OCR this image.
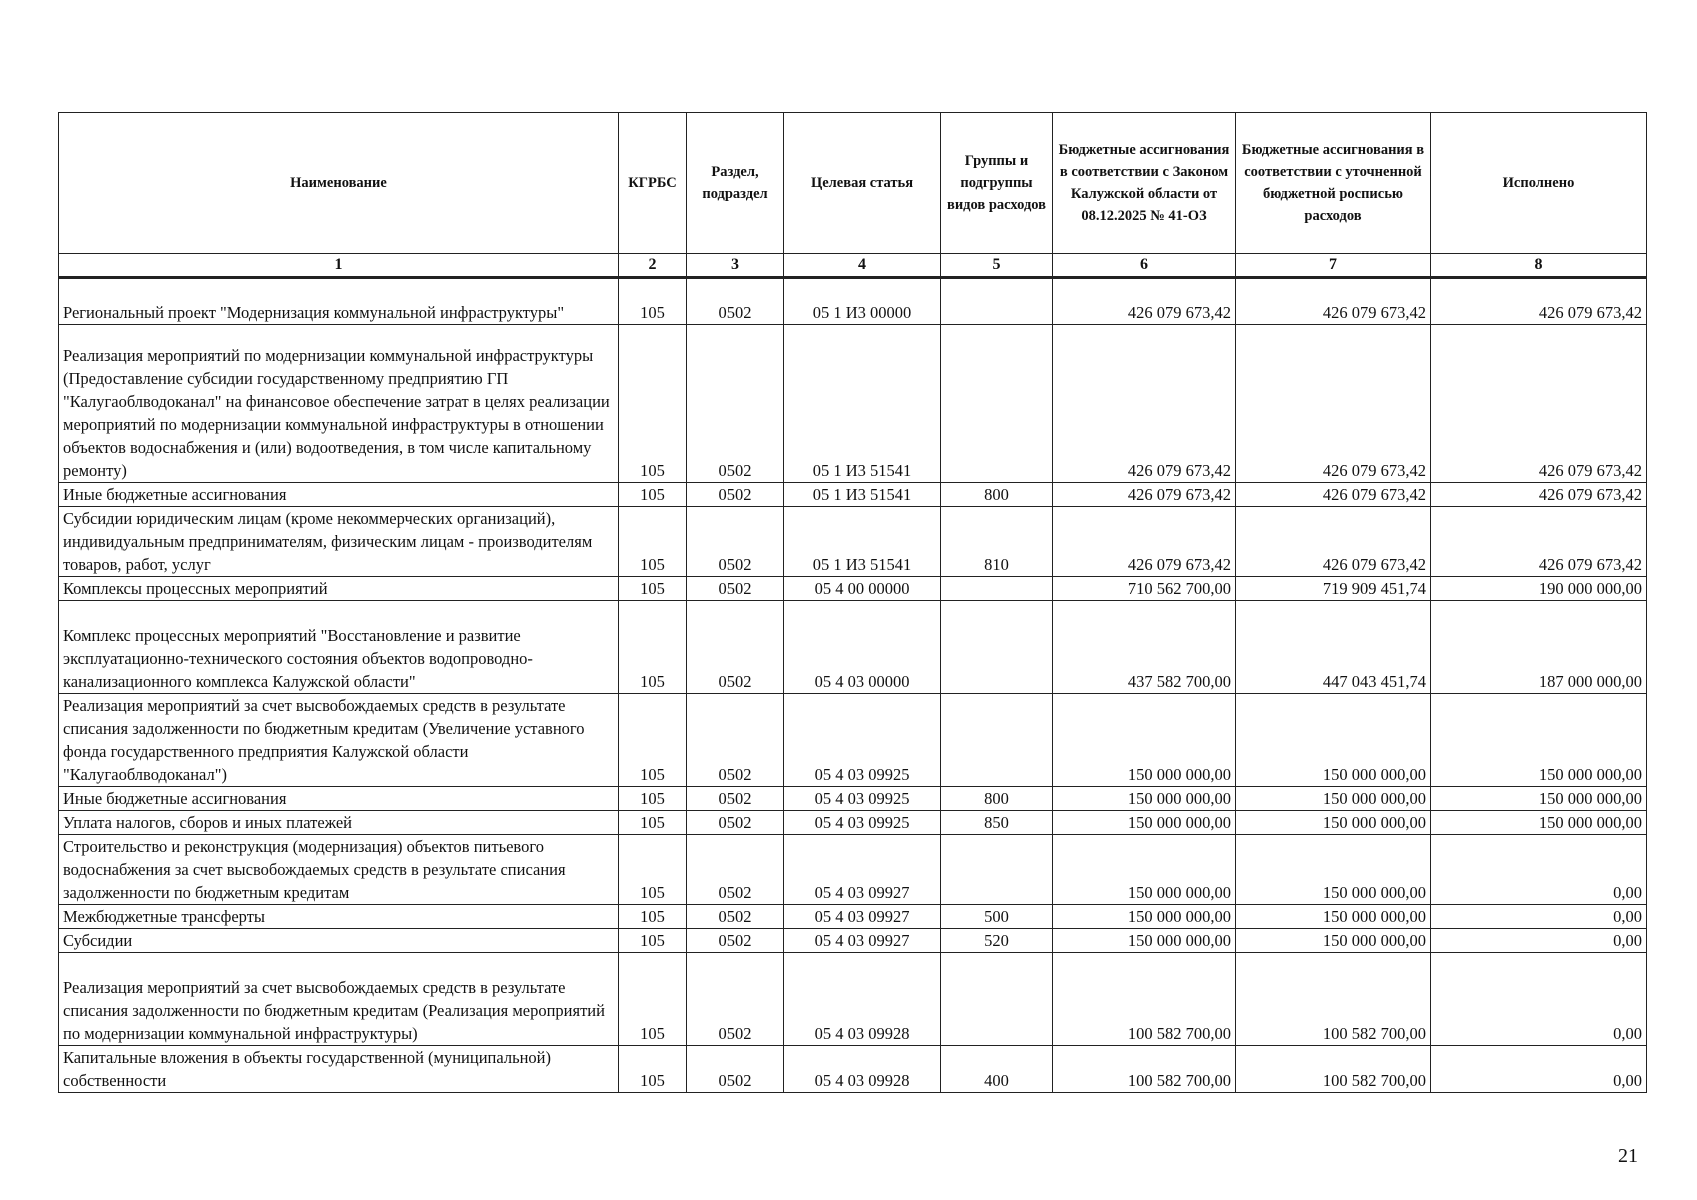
Наименование	КГРБС	Раздел, подраздел	Целевая статья	Группы и подгруппы видов расходов	Бюджетные ассигнования в соответствии с Законом Калужской области от 08.12.2025 № 41-ОЗ	Бюджетные ассигнования в соответствии с уточненной бюджетной росписью расходов	Исполнено
1	2	3	4	5	6	7	8
Региональный проект "Модернизация коммунальной инфраструктуры"	105	0502	05 1 И3 00000		426 079 673,42	426 079 673,42	426 079 673,42
Реализация мероприятий по модернизации коммунальной инфраструктуры (Предоставление субсидии государственному предприятию ГП "Калугаоблводоканал" на финансовое обеспечение затрат в целях реализации мероприятий по модернизации коммунальной инфраструктуры в отношении объектов водоснабжения и (или) водоотведения, в том числе капитальному ремонту)	105	0502	05 1 И3 51541		426 079 673,42	426 079 673,42	426 079 673,42
Иные бюджетные ассигнования	105	0502	05 1 И3 51541	800	426 079 673,42	426 079 673,42	426 079 673,42
Субсидии юридическим лицам (кроме некоммерческих организаций), индивидуальным предпринимателям, физическим лицам - производителям товаров, работ, услуг	105	0502	05 1 И3 51541	810	426 079 673,42	426 079 673,42	426 079 673,42
Комплексы процессных мероприятий	105	0502	05 4 00 00000		710 562 700,00	719 909 451,74	190 000 000,00
Комплекс процессных мероприятий "Восстановление и развитие эксплуатационно-технического состояния объектов водопроводно-канализационного комплекса Калужской области"	105	0502	05 4 03 00000		437 582 700,00	447 043 451,74	187 000 000,00
Реализация мероприятий за счет высвобождаемых средств в результате списания задолженности по бюджетным кредитам (Увеличение уставного фонда государственного предприятия Калужской области "Калугаоблводоканал")	105	0502	05 4 03 09925		150 000 000,00	150 000 000,00	150 000 000,00
Иные бюджетные ассигнования	105	0502	05 4 03 09925	800	150 000 000,00	150 000 000,00	150 000 000,00
Уплата налогов, сборов и иных платежей	105	0502	05 4 03 09925	850	150 000 000,00	150 000 000,00	150 000 000,00
Строительство и реконструкция (модернизация) объектов питьевого водоснабжения за счет высвобождаемых средств в результате списания задолженности по бюджетным кредитам	105	0502	05 4 03 09927		150 000 000,00	150 000 000,00	0,00
Межбюджетные трансферты	105	0502	05 4 03 09927	500	150 000 000,00	150 000 000,00	0,00
Субсидии	105	0502	05 4 03 09927	520	150 000 000,00	150 000 000,00	0,00
Реализация мероприятий за счет высвобождаемых средств в результате списания задолженности по бюджетным кредитам (Реализация мероприятий по модернизации коммунальной инфраструктуры)	105	0502	05 4 03 09928		100 582 700,00	100 582 700,00	0,00
Капитальные вложения в объекты государственной (муниципальной) собственности	105	0502	05 4 03 09928	400	100 582 700,00	100 582 700,00	0,00
21
